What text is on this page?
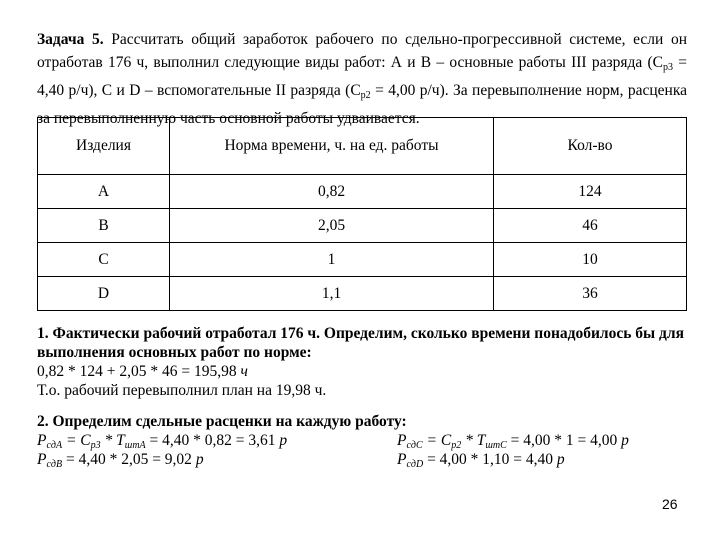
Задача 5. Рассчитать общий заработок рабочего по сдельно-прогрессивной системе, если он отработав 176 ч, выполнил следующие виды работ: А и В – основные работы III разряда ($С_{р3} = 4,40$ р/ч), С и D – вспомогательные II разряда ($С_{р2} = 4,00$ р/ч). За перевыполнение норм, расценка за перевыполненную часть основной работы удваивается.
Изделия	Норма времени, ч. на ед. работы	Кол-во
А	0,82	124
В	2,05	46
С	1	10
D	1,1	36
1. Фактически рабочий отработал 176 ч. Определим, сколько времени понадобилось бы для выполнения основных работ по норме:
0,82 * 124 + 2,05 * 46 = 195,98 ч
Т.о. рабочий перевыполнил план на 19,98 ч.
2. Определим сдельные расценки на каждую работу:
$Р_{сдА} = С_{р3} * Т_{штА} = 4,40 * 0,82 = 3,61$ р	$Р_{сдС} = С_{р2} * Т_{штС} = 4,00 * 1 = 4,00$ р
$Р_{сдВ} = 4,40 * 2,05 = 9,02$ р	$Р_{сдD} = 4,00 * 1,10 = 4,40$ р
26
